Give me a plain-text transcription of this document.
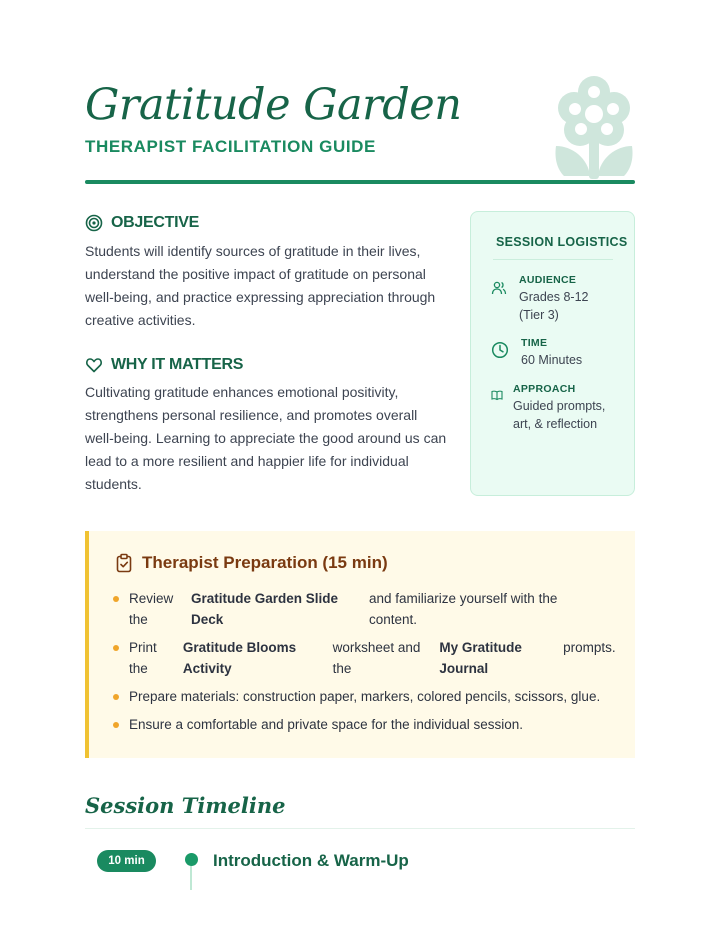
Gratitude Garden
THERAPIST FACILITATION GUIDE
OBJECTIVE
Students will identify sources of gratitude in their lives,
understand the positive impact of gratitude on personal
well-being, and practice expressing appreciation through
creative activities.
WHY IT MATTERS
Cultivating gratitude enhances emotional positivity,
strengthens personal resilience, and promotes overall
well-being. Learning to appreciate the good around us can
lead to a more resilient and happier life for individual
students.
SESSION LOGISTICS
AUDIENCE
Grades 8-12
(Tier 3)
TIME
60 Minutes
APPROACH
Guided prompts,
art, & reflection
Therapist Preparation (15 min)
Review
the
Gratitude Garden Slide
Deck
and familiarize yourself with the
content.
Print
the
Gratitude Blooms
Activity
worksheet and
the
My Gratitude
Journal
prompts.
Prepare materials: construction paper, markers, colored pencils, scissors, glue.
Ensure a comfortable and private space for the individual session.
Session Timeline
10 min	Introduction & Warm-Up
